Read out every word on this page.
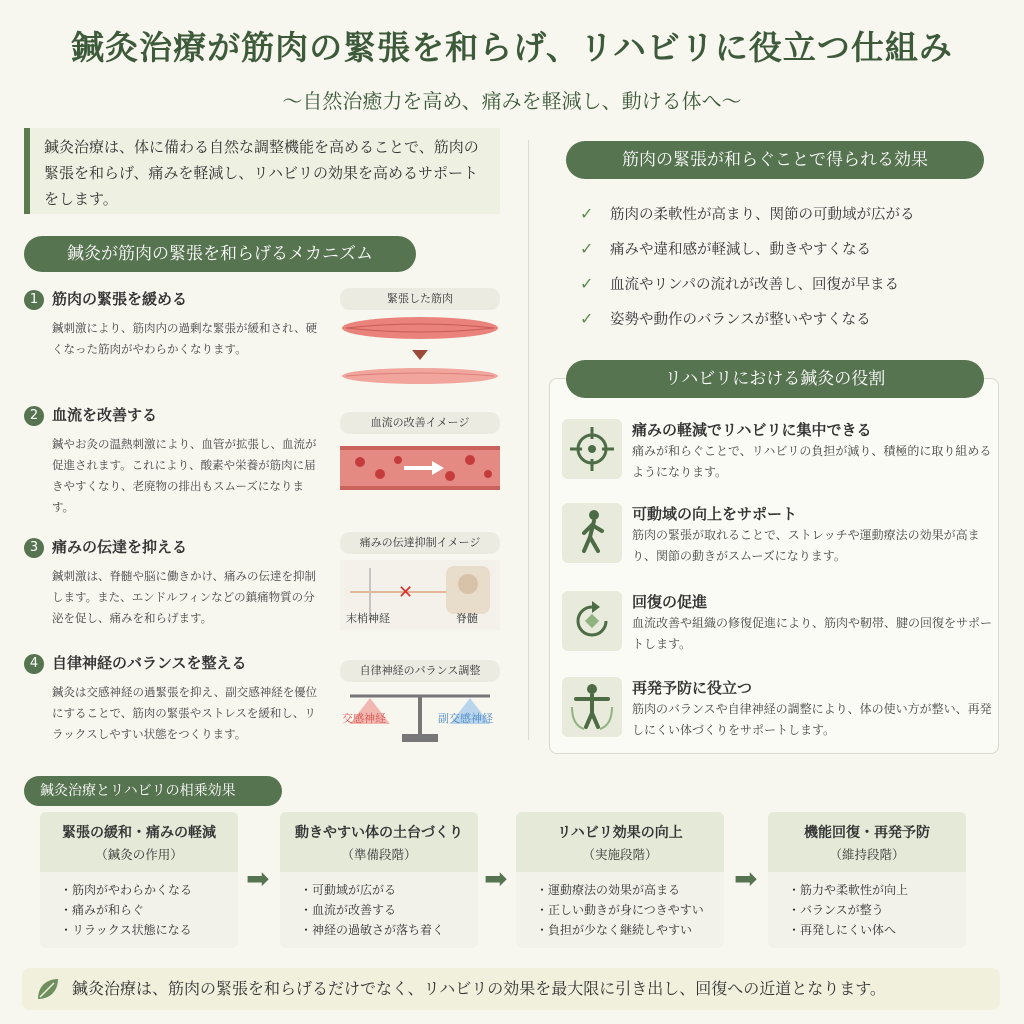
鍼灸治療が筋肉の緊張を和らげ、リハビリに役立つ仕組み
〜自然治癒力を高め、痛みを軽減し、動ける体へ〜
鍼灸治療は、体に備わる自然な調整機能を高めることで、筋肉の緊張を和らげ、痛みを軽減し、リハビリの効果を高めるサポートをします。
鍼灸が筋肉の緊張を和らげるメカニズム
1 筋肉の緊張を緩める
鍼刺激により、筋肉内の過剰な緊張が緩和され、硬くなった筋肉がやわらかくなります。
緊張した筋肉
2 血流を改善する
鍼やお灸の温熱刺激により、血管が拡張し、血流が促進されます。これにより、酸素や栄養が筋肉に届きやすくなり、老廃物の排出もスムーズになります。
血流の改善イメージ
3 痛みの伝達を抑える
鍼刺激は、脊髄や脳に働きかけ、痛みの伝達を抑制します。また、エンドルフィンなどの鎮痛物質の分泌を促し、痛みを和らげます。
痛みの伝達抑制イメージ
✕
末梢神経	脊髄
4 自律神経のバランスを整える
鍼灸は交感神経の過緊張を抑え、副交感神経を優位にすることで、筋肉の緊張やストレスを緩和し、リラックスしやすい状態をつくります。
自律神経のバランス調整
交感神経	副交感神経
筋肉の緊張が和らぐことで得られる効果
✓	筋肉の柔軟性が高まり、関節の可動域が広がる
✓	痛みや違和感が軽減し、動きやすくなる
✓	血流やリンパの流れが改善し、回復が早まる
✓	姿勢や動作のバランスが整いやすくなる
痛みの軽減でリハビリに集中できる
痛みが和らぐことで、リハビリの負担が減り、積極的に取り組めるようになります。
可動域の向上をサポート
筋肉の緊張が取れることで、ストレッチや運動療法の効果が高まり、関節の動きがスムーズになります。
回復の促進
血流改善や組織の修復促進により、筋肉や靭帯、腱の回復をサポートします。
再発予防に役立つ
筋肉のバランスや自律神経の調整により、体の使い方が整い、再発しにくい体づくりをサポートします。
リハビリにおける鍼灸の役割
鍼灸治療とリハビリの相乗効果
緊張の緩和・痛みの軽減
（鍼灸の作用）
・筋肉がやわらかくなる
・痛みが和らぐ
・リラックス状態になる
➡
動きやすい体の土台づくり
（準備段階）
・可動域が広がる
・血流が改善する
・神経の過敏さが落ち着く
➡
リハビリ効果の向上
（実施段階）
・運動療法の効果が高まる
・正しい動きが身につきやすい
・負担が少なく継続しやすい
➡
機能回復・再発予防
（維持段階）
・筋力や柔軟性が向上
・バランスが整う
・再発しにくい体へ
鍼灸治療は、筋肉の緊張を和らげるだけでなく、リハビリの効果を最大限に引き出し、回復への近道となります。
